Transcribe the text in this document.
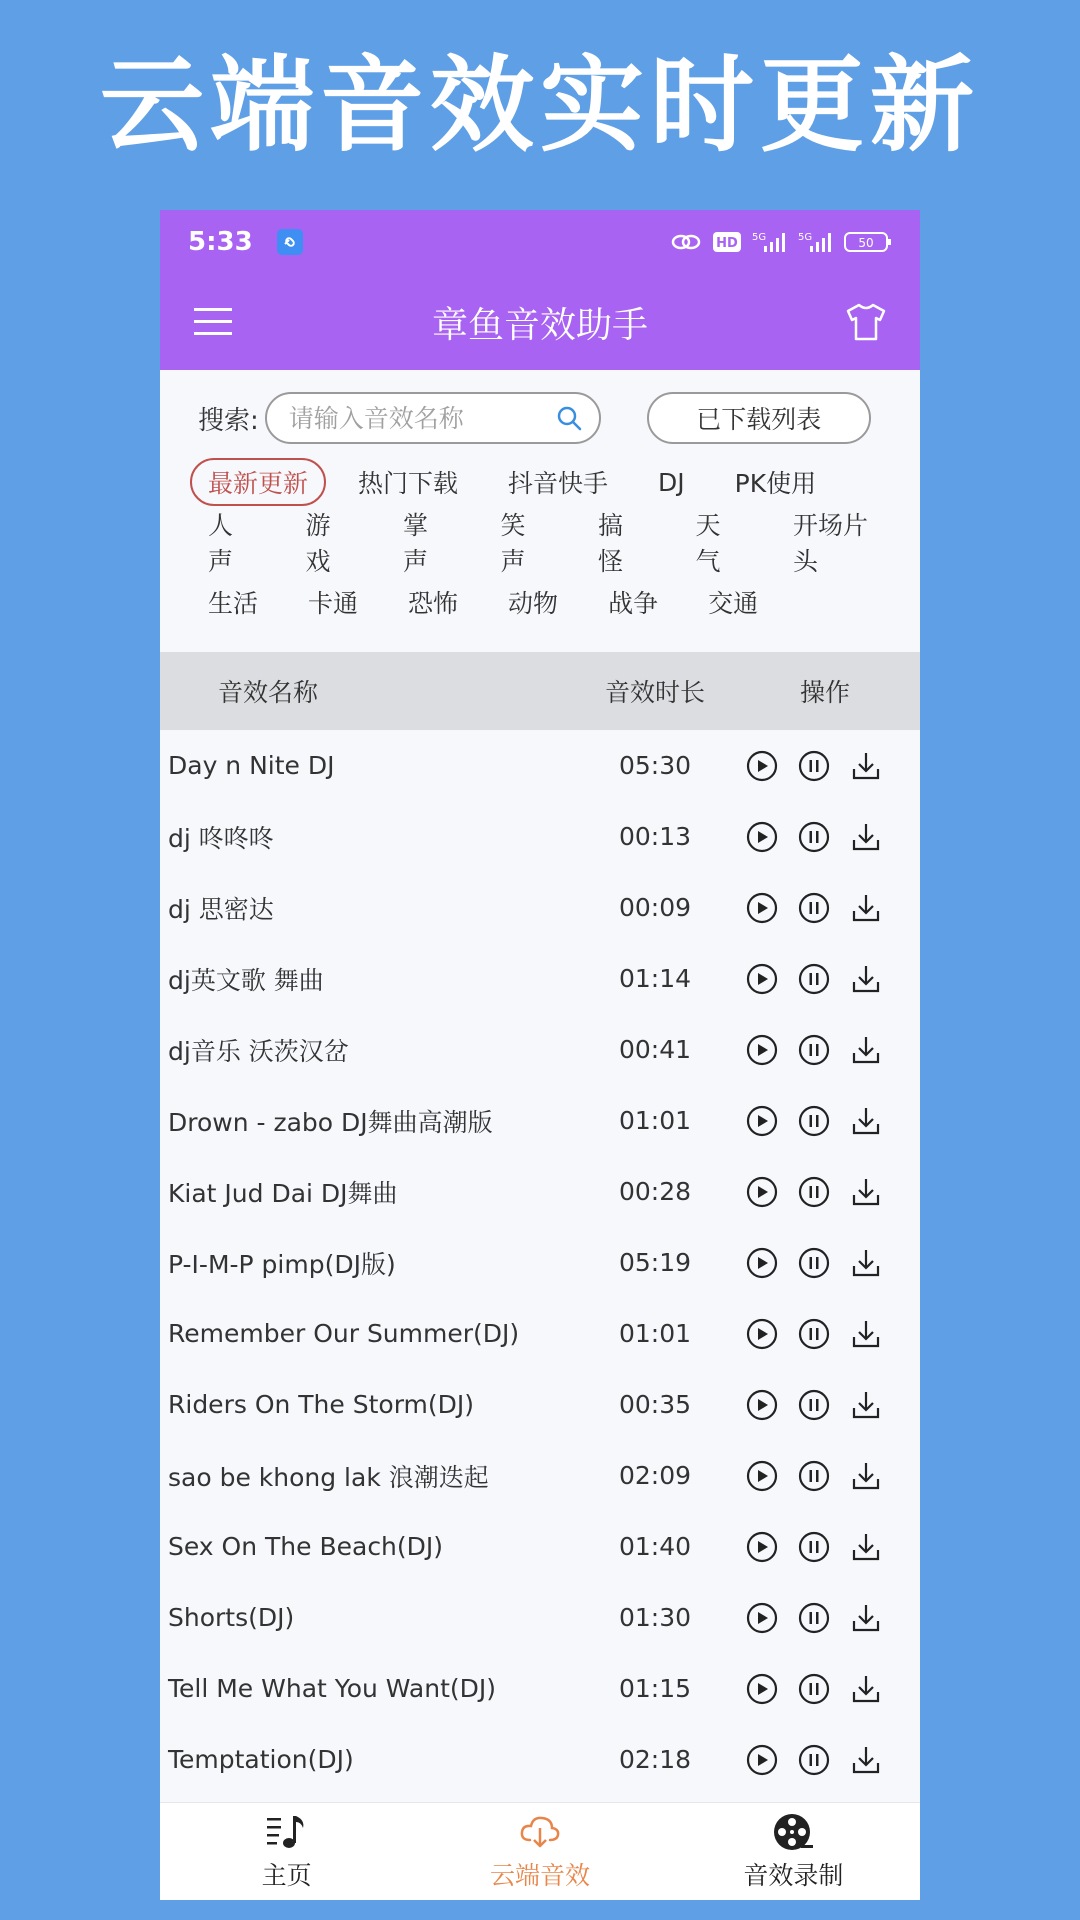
云端音效实时更新
5:33	HD 5G	5G	50
章鱼音效助手
搜索:
请输入音效名称	已下载列表
最新更新	热门下载	抖音快手	DJ	PK使用
人声
游戏
掌声
笑声
搞怪
天气
开场片头
生活	卡通	恐怖	动物	战争	交通
音效名称	音效时长	操作
Day n Nite DJ	05:30
dj 咚咚咚	00:13
dj 思密达	00:09
dj英文歌 舞曲	01:14
dj音乐 沃茨汉岔	00:41
Drown - zabo DJ舞曲高潮版	01:01
Kiat Jud Dai DJ舞曲	00:28
P-I-M-P pimp(DJ版)	05:19
Remember Our Summer(DJ)	01:01
Riders On The Storm(DJ)	00:35
sao be khong lak 浪潮迭起	02:09
Sex On The Beach(DJ)	01:40
Shorts(DJ)	01:30
Tell Me What You Want(DJ)	01:15
Temptation(DJ)	02:18
主页	云端音效	音效录制
